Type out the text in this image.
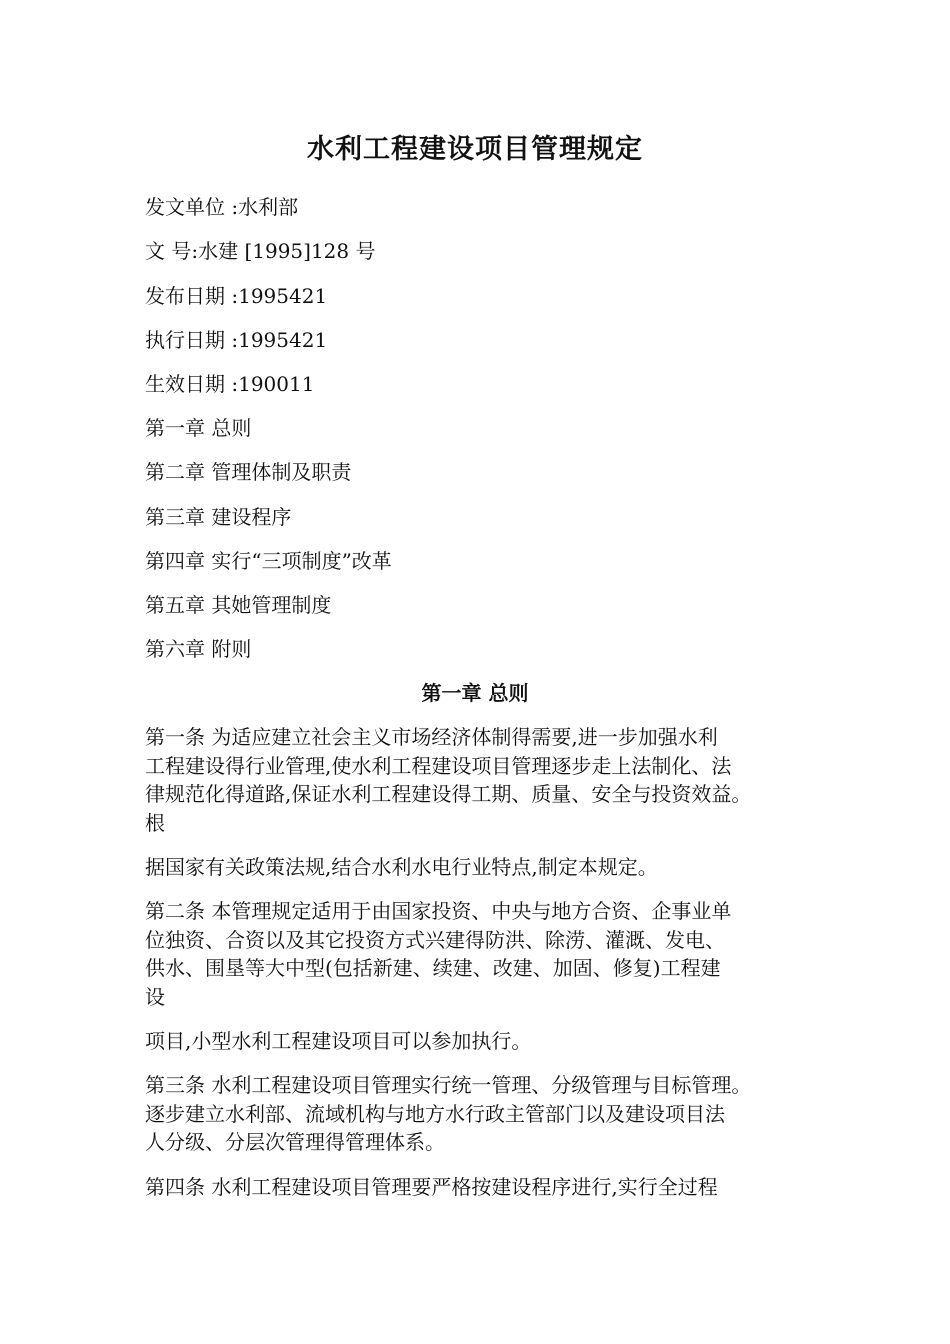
水利工程建设项目管理规定
发文单位 :水利部
文 号:水建 [1995]128 号
发布日期 :1995421
执行日期 :1995421
生效日期 :190011
第一章 总则
第二章 管理体制及职责
第三章 建设程序
第四章 实行“三项制度”改革
第五章 其她管理制度
第六章 附则
第一章 总则
第一条 为适应建立社会主义市场经济体制得需要,进一步加强水利
工程建设得行业管理,使水利工程建设项目管理逐步走上法制化、法
律规范化得道路,保证水利工程建设得工期、质量、安全与投资效益。
根
据国家有关政策法规,结合水利水电行业特点,制定本规定。
第二条 本管理规定适用于由国家投资、中央与地方合资、企事业单
位独资、合资以及其它投资方式兴建得防洪、除涝、灌溉、发电、
供水、围垦等大中型(包括新建、续建、改建、加固、修复)工程建
设
项目,小型水利工程建设项目可以参加执行。
第三条 水利工程建设项目管理实行统一管理、分级管理与目标管理。
逐步建立水利部、流域机构与地方水行政主管部门以及建设项目法
人分级、分层次管理得管理体系。
第四条 水利工程建设项目管理要严格按建设程序进行,实行全过程
